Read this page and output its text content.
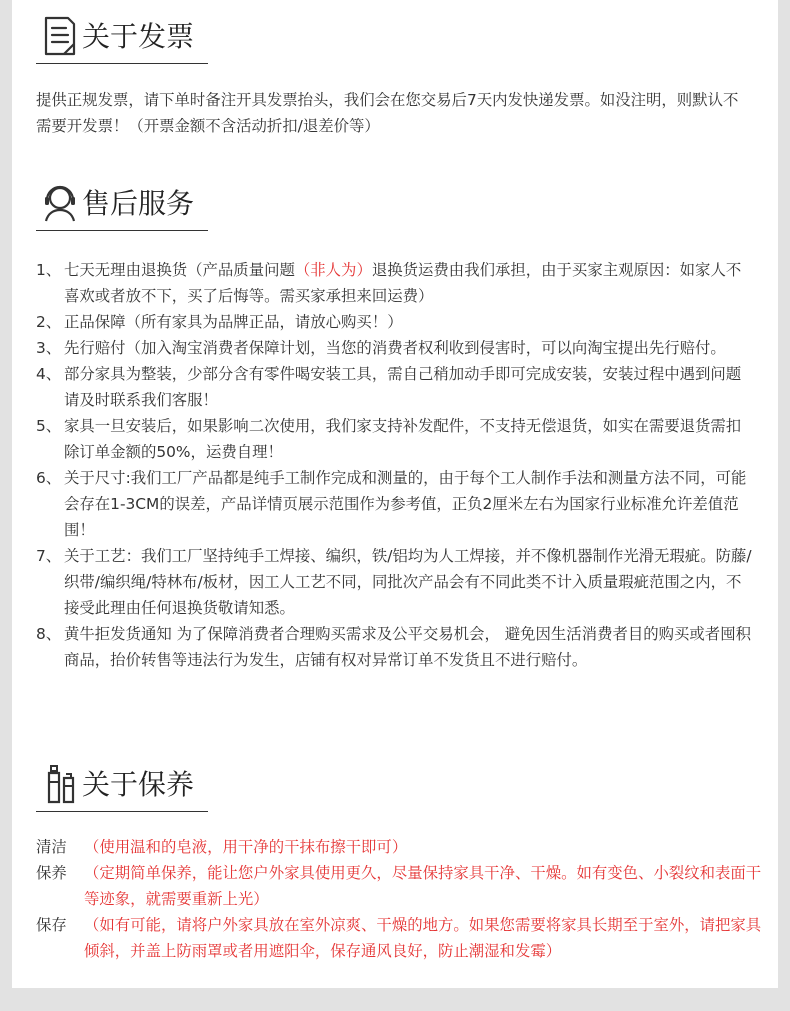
关于发票
提供正规发票，请下单时备注开具发票抬头，我们会在您交易后7天内发快递发票。如没注明，则默认不需要开发票！（开票金额不含活动折扣/退差价等）
售后服务
1、 七天无理由退换货（产品质量问题（非人为）退换货运费由我们承担，由于买家主观原因：如家人不喜欢或者放不下，买了后悔等。需买家承担来回运费）
2、 正品保障（所有家具为品牌正品，请放心购买！）
3、 先行赔付（加入淘宝消费者保障计划，当您的消费者权利收到侵害时，可以向淘宝提出先行赔付。
4、 部分家具为整装，少部分含有零件喝安装工具，需自己稍加动手即可完成安装，安装过程中遇到问题请及时联系我们客服！
5、 家具一旦安装后，如果影响二次使用，我们家支持补发配件，不支持无偿退货，如实在需要退货需扣除订单金额的50%，运费自理！
6、 关于尺寸:我们工厂产品都是纯手工制作完成和测量的，由于每个工人制作手法和测量方法不同，可能会存在1-3CM的误差，产品详情页展示范围作为参考值，正负2厘米左右为国家行业标准允许差值范围！
7、 关于工艺：我们工厂坚持纯手工焊接、编织，铁/铝均为人工焊接，并不像机器制作光滑无瑕疵。防藤/织带/编织绳/特林布/板材，因工人工艺不同，同批次产品会有不同此类不计入质量瑕疵范围之内，不接受此理由任何退换货敬请知悉。
8、 黄牛拒发货通知 为了保障消费者合理购买需求及公平交易机会， 避免因生活消费者目的购买或者囤积商品，抬价转售等违法行为发生，店铺有权对异常订单不发货且不进行赔付。
关于保养
清洁 （使用温和的皂液，用干净的干抹布擦干即可）
保养 （定期简单保养，能让您户外家具使用更久，尽量保持家具干净、干燥。如有变色、小裂纹和表面干等迹象，就需要重新上光）
保存 （如有可能，请将户外家具放在室外凉爽、干燥的地方。如果您需要将家具长期至于室外，请把家具倾斜，并盖上防雨罩或者用遮阳伞，保存通风良好，防止潮湿和发霉）
